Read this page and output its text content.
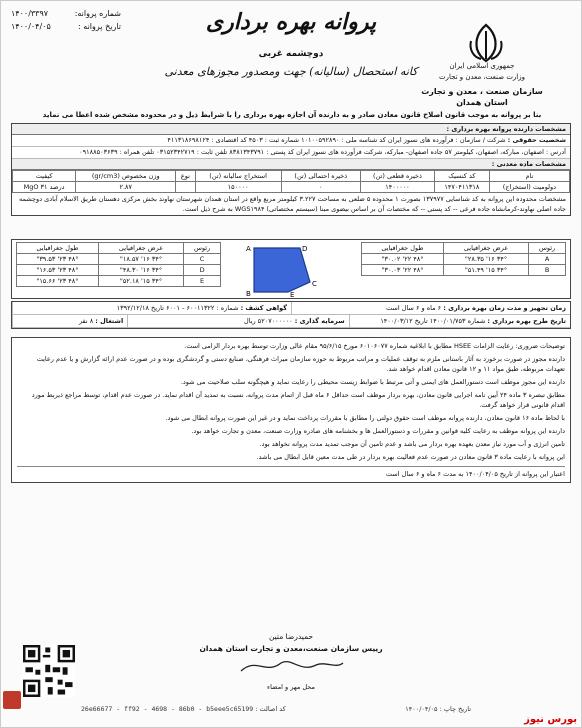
شماره پروانه:
۱۴۰۰/۳۳۹۷
تاریخ پروانه :
۱۴۰۰/۰۴/۰۵	پروانه بهره برداری
دوچشمه غربی
کانه استحصال (سالیانه) جهت ومصدور مجوزهای معدنی	جمهوری اسلامی ایران
وزارت صنعت، معدن و تجارت
سازمان صنعت ، معدن و تجارت
استان همدان
بنا بر پروانه به موجب قانون اصلاح قانون معادن صادر و به دارنده آن اجازه بهره برداری را با شرایط ذیل و در محدوده مشخص شده اعطا می نماید
مشخصات دارنده پروانه بهره برداری :
شخصیت حقوقی : شرکت / سازمان : فرآورده های نسوز ایران کد شناسه ملی : ۱۰۱۰۰۵۹۲۸۹۰ شماره ثبت : ۴۵۰۳ کد اقتصادی : ۴۱۱۳۱۸۶۹۸۱۲۴
آدرس : اصفهان، مبارکه، اصفهان، کیلومتر ۵۷ جاده اصفهان- مبارکه، شرکت فرآورده های نسوز ایران کد پستی : ۸۳۸۱۳۴۳۷۹۱ تلفن ثابت : ۰۳۱۵۲۳۴۲۷۱۹ تلفن همراه : ۰۹۱۸۸۵۰۳۶۳۹
مشخصات ماده معدنی :
نام	کد کنسیک	ذخیره قطعی (تن)	ذخیره احتمالی (تن)	استخراج سالیانه (تن)	نوع	وزن مخصوص (gr/cm3)	کیفیت
دولومیت (استخراج)	۱۴۷۰۴۱۱۳۱۸	۱۴۰۰۰۰۰	۰	۱۵۰۰۰۰		۲.۸۷	درصد MgO ۳۱
مشخصات محدوده این پروانه به کد شناسایی ۱۳۷۹۷۷ بصورت ۱ محدوده ۵ ضلعی به مساحت ۳.۲۲۷ کیلومتر مربع واقع در استان همدان شهرستان نهاوند بخش مرکزی دهستان طریق الاسلام آبادی دوچشمه جاده اصلی نهاوند-کرمانشاه جاده فرعی -- کد پستی -- که مختصات آن بر اساس بیضوی مبنا (سیستم مختصاتی) WGS۱۹۸۴ به شرح ذیل است.
رئوس	عرض جغرافیایی	طول جغرافیایی
A	۳۴° ۱۶' ۲۸.۳۵"	۴۸° ۲۲' ۳۰.۰۲"
B	۳۴° ۱۵' ۵۱.۴۹"	۴۸° ۲۲' ۳۰.۰۳"
A
B
C
D
E
رئوس	عرض جغرافیایی	طول جغرافیایی
C	۳۴° ۱۶' ۱۸.۵۷"	۴۸° ۲۳' ۳۹.۵۳"
D	۳۴° ۱۶' ۴۸.۳۰"	۴۸° ۲۳' ۱۶.۵۳"
E	۳۴° ۱۵' ۵۲.۱۸"	۴۸° ۲۳' ۱۵.۶۶"
زمان تجهیز و مدت زمان بهره برداری : ۶ ماه و ۶ سال است
گواهی کشف : شماره : ۶۰۰۱۱۳۲۲ - ۶۰۰۱ تاریخ ۱۳۹۲/۱۲/۱۸
تاریخ طرح بهره برداری : شماره ۱۴۰۰/۰۱/۷۵۳ تاریخ ۱۴۰۰/۰۳/۱۲
سرمایه گذاری : ۵۲۰۷۰۰۰۰۰۰ ریال
اشتغال : ۸ نفر

توضیحات ضروری: رعایت الزامات HSEE مطابق با ابلاغیه شماره ۶۰۱۰۶۰۷۷ مورخ ۹۵/۶/۱۵ مقام عالی وزارت توسط بهره بردار الزامی است.

دارنده مجوز در صورت برخورد به آثار باستانی ملزم به توقف عملیات و مراتب مربوط به حوزه سازمان میراث فرهنگی، صنایع دستی و گردشگری بوده و در صورت عدم ارائه گزارش و یا عدم رعایت تعهدات مربوطه، طبق مواد ۱۱ و ۱۲ قانون معادن اقدام خواهد شد.

دارنده این مجوز موظف است دستورالعمل های ایمنی و آتی مرتبط با ضوابط زیست محیطی را رعایت نماید و هیچگونه سلب صلاحیت می شود.

مطابق تبصره ۳ ماده ۲۴ آیین نامه اجرایی قانون معادن، بهره بردار موظف است حداقل ۶ ماه قبل از اتمام مدت پروانه، نسبت به تمدید آن اقدام نماید. در صورت عدم اقدام، توسط مراجع ذیربط مورد اقدام قانونی قرار خواهد گرفت.

با لحاظ ماده ۱۶ قانون معادن، دارنده پروانه موظف است حقوق دولتی را مطابق با مقررات پرداخت نماید و در غیر این صورت پروانه ابطال می شود.

دارنده این پروانه موظف به رعایت کلیه قوانین و مقررات و دستورالعمل ها و بخشنامه های صادره وزارت صنعت، معدن و تجارت خواهد بود.

تامین انرژی و آب مورد نیاز معدن بعهده بهره بردار می باشد و عدم تامین آن موجب تمدید مدت پروانه نخواهد بود.

این پروانه با رعایت ماده ۳ قانون معادن در صورت عدم فعالیت بهره بردار در طی مدت معین قابل ابطال می باشد.

اعتبار این پروانه از تاریخ ۱۴۰۰/۰۴/۰۵ به مدت ۶ ماه و ۶ سال است
حمیدرضا متین
رییس سازمان صنعت،معدن و تجارت استان همدان
محل مهر و امضاء
تاریخ چاپ : ۱۴۰۰/۰۴/۰۵
کد اصالت : 26e66677 - ff92 - 4698 - 86b0 - b5eee5c65199
بورس نیوز
